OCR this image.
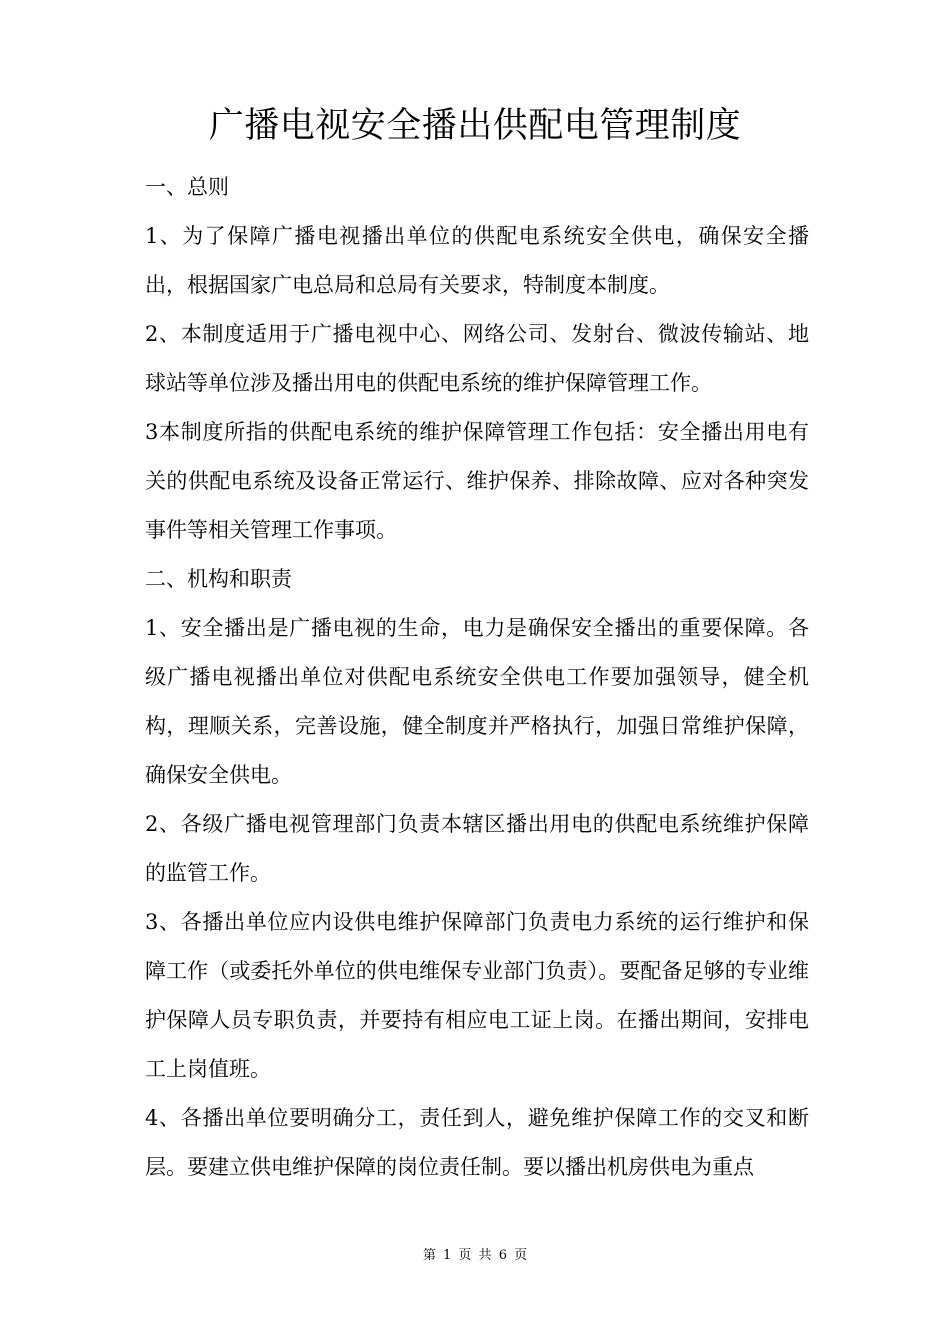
广播电视安全播出供配电管理制度

一、总则

1、为了保障广播电视播出单位的供配电系统安全供电，确保安全播出，根据国家广电总局和总局有关要求，特制度本制度。

2、本制度适用于广播电视中心、网络公司、发射台、微波传输站、地球站等单位涉及播出用电的供配电系统的维护保障管理工作。

3本制度所指的供配电系统的维护保障管理工作包括：安全播出用电有关的供配电系统及设备正常运行、维护保养、排除故障、应对各种突发事件等相关管理工作事项。

二、机构和职责

1、安全播出是广播电视的生命，电力是确保安全播出的重要保障。各级广播电视播出单位对供配电系统安全供电工作要加强领导，健全机构，理顺关系，完善设施，健全制度并严格执行，加强日常维护保障，确保安全供电。

2、各级广播电视管理部门负责本辖区播出用电的供配电系统维护保障的监管工作。

3、各播出单位应内设供电维护保障部门负责电力系统的运行维护和保障工作（或委托外单位的供电维保专业部门负责）。要配备足够的专业维护保障人员专职负责，并要持有相应电工证上岗。在播出期间，安排电工上岗值班。

4、各播出单位要明确分工，责任到人，避免维护保障工作的交叉和断层。要建立供电维护保障的岗位责任制。要以播出机房供电为重点

第 1 页 共 6 页
